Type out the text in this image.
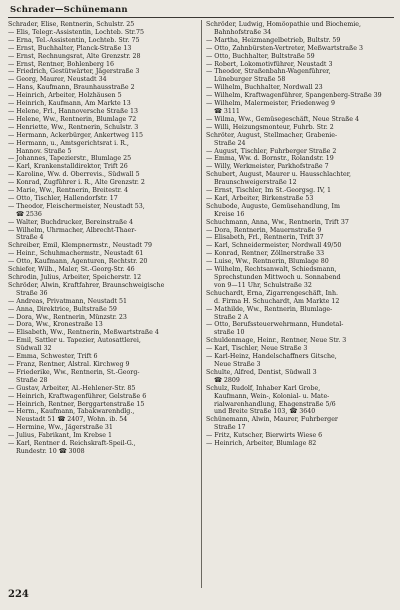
Schrader—Schünemann
Schrader, Elise, Rentnerin, Schulstr. 25
— Elis, Telegr.-Assistentin, Lochteb. Str.75
— Erna, Tel.-Assistentin, Lochteb. Str. 75
— Ernst, Buchhalter, Planck-Straße 13
— Ernst, Rechnungsrat, Alte Grenzstr. 28
— Ernst, Rentner, Bohlenberg 16
— Friedrich, Gestütwärter, Jägerstraße 3
— Georg, Maurer, Neustadt 34
— Hans, Kaufmann, Braunhausstraße 2
— Heinrich, Arbeiter, Holzhäusen 5
— Heinrich, Kaufmann, Am Markte 13
— Helene, Frl., Hannoversche Straße 13
— Helene, Ww., Rentnerin, Blumlage 72
— Henriette, Ww., Rentnerin, Schulstr. 3
— Hermann, Ackerbürger, Ankertweg 115
— Hermann, u., Amtsgerichtsrat i. R.,
Hannov. Straße 5
— Johannes, Tapezierstr., Blumlage 25
— Karl, Krankenstalldirektor, Trift 26
— Karoline, Ww. d. Oberrevis., Südwall 5
— Konrad, Zugführer i. R., Alte Grenzstr. 2
— Marie, Ww., Rentnerin, Breitestr. 4
— Otto, Tischler, Hallendorfstr. 17
— Theodor, Fleischermeister, Neustadt 53,
☎ 2536
— Walter, Buchdrucker, Bereinstraße 4
— Wilhelm, Uhrmacher, Albrecht-Thaer-
Straße 4
Schreiber, Emil, Klempnermstr., Neustadt 79
— Heinr., Schuhmachermstr., Neustadt 61
— Otto, Kaufmann, Agenturen, Rechtstr. 20
Schiefer, Wilh., Maler, St.-Georg-Str. 46
Schrodin, Julius, Arbeiter, Speicherstr. 12
Schröder, Alwin, Kraftfahrer, Braunschweigische
Straße 36
— Andreas, Privatmann, Neustadt 51
— Anna, Direktrice, Bultstraße 59
— Dora, Ww., Rentnerin, Münzstr. 23
— Dora, Ww., Kronestraße 13
— Elisabeth, Ww., Rentnerin, Meßwartstraße 4
— Emil, Sattler u. Tapezier, Autosattlerei,
Südwall 32
— Emma, Schwester, Trift 6
— Franz, Rentner, Alstral. Kirchweg 9
— Friederike, Ww., Rentnerin, St.-Georg-
Straße 28
— Gustav, Arbeiter, Al.-Hehlener-Str. 85
— Heinrich, Kraftwagenführer, Gelstraße 6
— Heinrich, Rentner, Berggartenstraße 15
— Herm., Kaufmann, Tabakwarenhdlg.,
Neustadt 51 ☎ 2407, Wohn. ib. 54
— Hermine, Ww., Jägerstraße 31
— Julius, Fabrikant, Im Krebse 1
— Karl, Rentner d. Reichskraft-Speil-G.,
Rundestr. 10 ☎ 3008
Schröder, Ludwig, Homöopathie und Biochemie,
Bahnhofstraße 34
— Martha, Heizmangelbetrieb, Bultstr. 59
— Otto, Zahnbürsten-Vertreter, Meßwartstraße 3
— Otto, Buchhalter, Bultstraße 59
— Robert, Lokomotivführer, Neustadt 3
— Theodor, Straßenbahn-Wagenführer,
Lüneburger Straße 58
— Wilhelm, Buchhalter, Nordwall 23
— Wilhelm, Kraftwagenführer, Spangenberg-Straße 39
— Wilhelm, Malermeister, Friedenweg 9
☎ 3111
— Wilma, Ww., Gemüsegeschäft, Neue Straße 4
— Willi, Heizungsmonteur, Fuhrb. Str. 2
Schröter, August, Stellmacher, Grabenie-
Straße 24
— August, Tischler, Fuhrberger Straße 2
— Emma, Ww. d. Bornstr., Rolandstr. 19
— Willy, Werkmeister, Parkhofstraße 7
Schubert, August, Maurer u. Hausschlachter,
Braunschweigerstraße 12
— Ernst, Tischler, Im St.-Georgsg. IV, 1
— Karl, Arbeiter, Birkenstraße 53
Schubode, Auguste, Gemüsehandlung, Im
Kreise 16
Schuchmann, Anna, Ww., Rentnerin, Trift 37
— Dora, Rentnerin, Mauernstraße 9
— Elisabeth, Frl., Rentnerin, Trift 37
— Karl, Schneidermeister, Nordwall 49/50
— Konrad, Rentner, Zöllnerstraße 33
— Luise, Ww., Rentnerin, Blumlage 80
— Wilhelm, Rechtsanwalt, Schiedsmann,
Sprechstunden Mittwoch u. Sonnabend
von 9—11 Uhr, Schulstraße 32
Schuchardt, Erna, Zigarrengeschäft, Inh.
d. Firma H. Schuchardt, Am Markte 12
— Mathilde, Ww., Rentnerin, Blumlage-
Straße 2 A
— Otto, Berufssteuerwehrmann, Hundetal-
straße 10
Schuldenmage, Heinr., Rentner, Neue Str. 3
— Karl, Tischler, Neue Straße 3
— Karl-Heinz, Handelschaffners Gitsche,
Neue Straße 3
Schulte, Alfred, Dentist, Südwall 3
☎ 2809
Schulz, Rudolf, Inhaber Karl Grobe,
Kaufmann, Wein-, Kolonial- u. Mate-
rialwarenhandlung, Ehagenstraße 5/6
und Breite Straße 103, ☎ 3640
Schünemann, Alwin, Maurer, Fuhrberger
Straße 17
— Fritz, Kutscher, Bierwirts Wiese 6
— Heinrich, Arbeiter, Blumlage 82
224
